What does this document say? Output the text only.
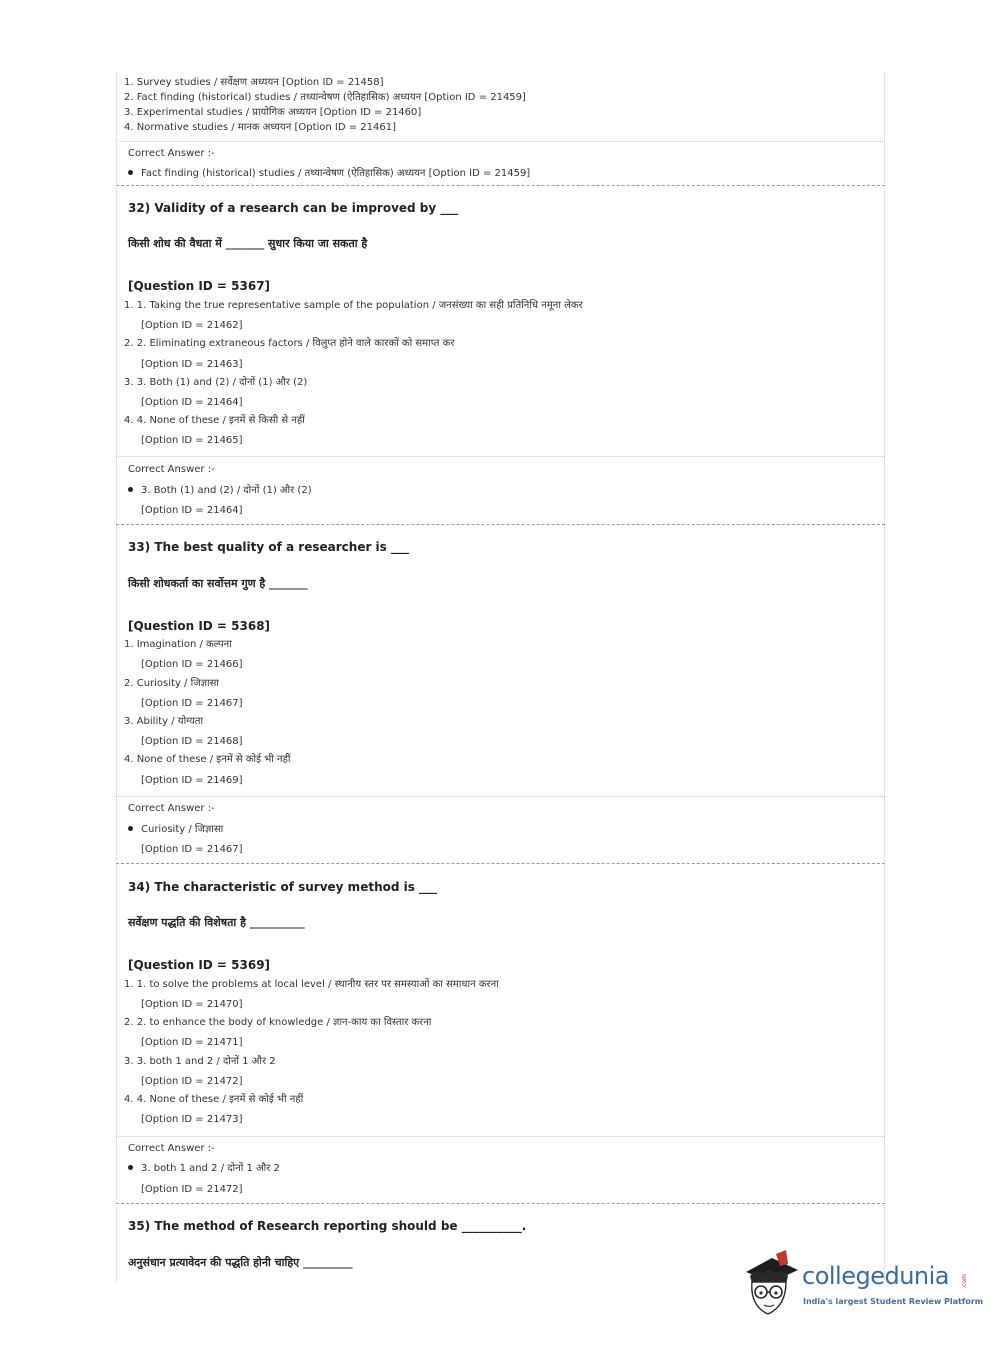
1. Survey studies / सर्वेक्षण अध्ययन [Option ID = 21458]
2. Fact finding (historical) studies / तथ्यान्वेषण (ऐतिहासिक) अध्ययन [Option ID = 21459]
3. Experimental studies / प्रायोगिक अध्ययन [Option ID = 21460]
4. Normative studies / मानक अध्ययन [Option ID = 21461]
Correct Answer :-
Fact finding (historical) studies / तथ्यान्वेषण (ऐतिहासिक) अध्ययन [Option ID = 21459]
32) Validity of a research can be improved by ___
किसी शोध की वैधता में _______ सुधार किया जा सकता है
[Question ID = 5367]
1. 1. Taking the true representative sample of the population / जनसंख्या का सही प्रतिनिधि नमूना लेकर
[Option ID = 21462]
2. 2. Eliminating extraneous factors / विलुप्त होने वाले कारकों को समाप्त कर
[Option ID = 21463]
3. 3. Both (1) and (2) / दोनों (1) और (2)
[Option ID = 21464]
4. 4. None of these / इनमें से किसी से नहीं
[Option ID = 21465]
Correct Answer :-
3. Both (1) and (2) / दोनों (1) और (2)
[Option ID = 21464]
33) The best quality of a researcher is ___
किसी शोधकर्ता का सर्वोत्तम गुण है _______
[Question ID = 5368]
1. Imagination / कल्पना
[Option ID = 21466]
2. Curiosity / जिज्ञासा
[Option ID = 21467]
3. Ability / योग्यता
[Option ID = 21468]
4. None of these / इनमें से कोई भी नहीं
[Option ID = 21469]
Correct Answer :-
Curiosity / जिज्ञासा
[Option ID = 21467]
34) The characteristic of survey method is ___
सर्वेक्षण पद्धति की विशेषता है __________
[Question ID = 5369]
1. 1. to solve the problems at local level / स्थानीय स्तर पर समस्याओं का समाधान करना
[Option ID = 21470]
2. 2. to enhance the body of knowledge / ज्ञान-काय का विस्तार करना
[Option ID = 21471]
3. 3. both 1 and 2 / दोनों 1 और 2
[Option ID = 21472]
4. 4. None of these / इनमें से कोई भी नहीं
[Option ID = 21473]
Correct Answer :-
3. both 1 and 2 / दोनों 1 और 2
[Option ID = 21472]
35) The method of Research reporting should be __________.
अनुसंधान प्रत्यावेदन की पद्धति होनी चाहिए _________	collegedunia .com
India's largest Student Review Platform
